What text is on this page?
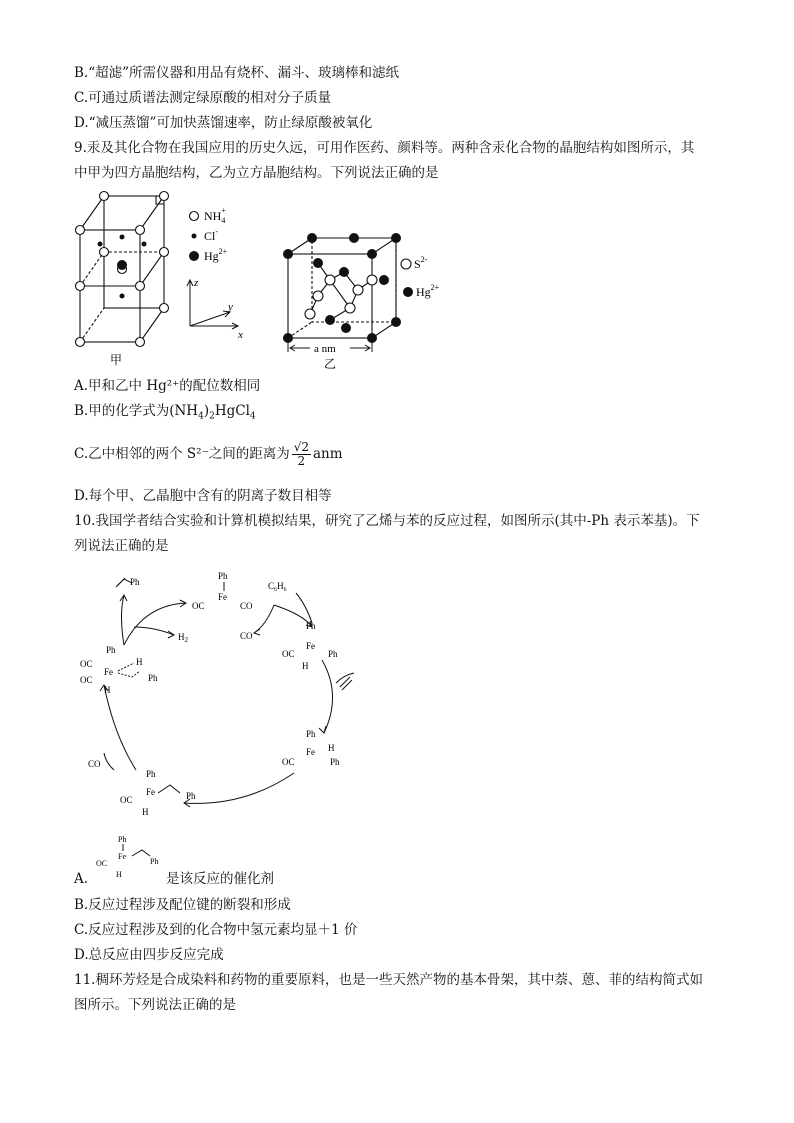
B.“超滤”所需仪器和用品有烧杯、漏斗、玻璃棒和滤纸
C.可通过质谱法测定绿原酸的相对分子质量
D.“减压蒸馏”可加快蒸馏速率，防止绿原酸被氧化
9.汞及其化合物在我国应用的历史久远，可用作医药、颜料等。两种含汞化合物的晶胞结构如图所示，其
中甲为四方晶胞结构，乙为立方晶胞结构。下列说法正确的是
$NH_4+$
Cl-
$Hg^{2+}$
z
y
x
甲
a nm
$S^{2-}$
$Hg^{2+}$
乙
A.甲和乙中 Hg²⁺的配位数相同
B.甲的化学式为$(NH_4)_2HgCl_4$
C.乙中相邻的两个 S²⁻之间的距离为 $\frac{√2}{2}$ anm
D.每个甲、乙晶胞中含有的阴离子数目相等
10.我国学者结合实验和计算机模拟结果，研究了乙烯与苯的反应过程，如图所示(其中-Ph 表示苯基)。下
列说法正确的是
Ph
Fe
OC	CO
Ph	C₆H₆
$H_2$	CO
Ph
Fe
OC	Ph
H
Ph
Fe H
OC	Ph
Ph
Fe
OC	Ph
H
CO
Ph
Fe
OC
OC
H
Ph
H
A.
Ph
Fe
OC
H
Ph
是该反应的催化剂
B.反应过程涉及配位键的断裂和形成
C.反应过程涉及到的化合物中氢元素均显＋1 价
D.总反应由四步反应完成
11.稠环芳烃是合成染料和药物的重要原料，也是一些天然产物的基本骨架，其中萘、蒽、菲的结构简式如
图所示。下列说法正确的是
